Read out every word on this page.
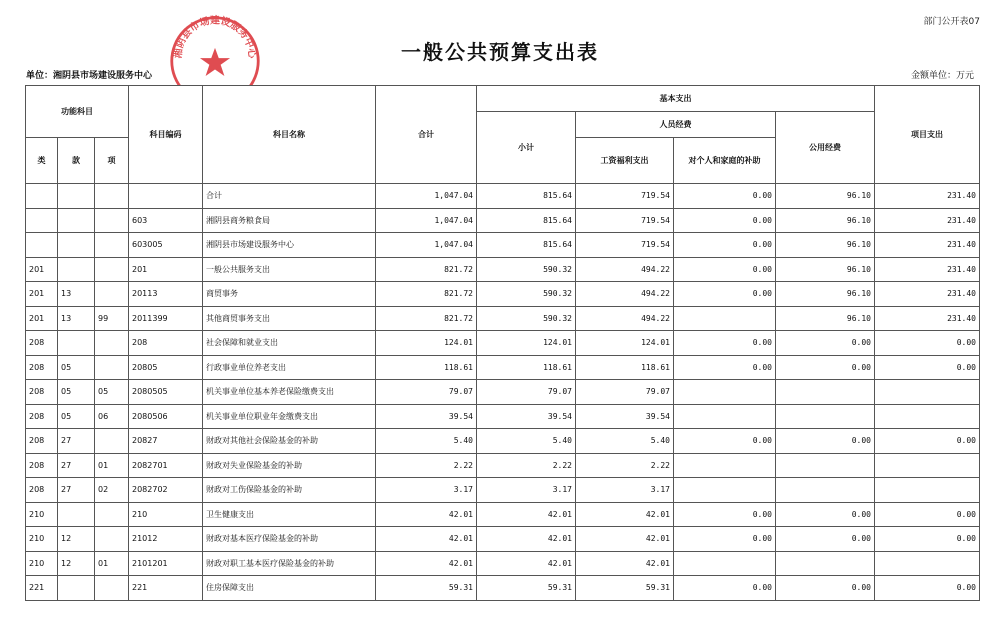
部门公开表07
一般公共预算支出表
单位：湘阴县市场建设服务中心	金额单位：万元
湘阴县市场建设服务中心
功能科目			科目编码	科目名称	合计	基本支出				项目支出
						小计	人员经费		公用经费	
类	款	项					工资福利支出	对个人和家庭的补助		
				合计	1,047.04	815.64	719.54	0.00	96.10	231.40
			603	湘阴县商务粮食局	1,047.04	815.64	719.54	0.00	96.10	231.40
			603005	湘阴县市场建设服务中心	1,047.04	815.64	719.54	0.00	96.10	231.40
201			201	一般公共服务支出	821.72	590.32	494.22	0.00	96.10	231.40
201	13		20113	商贸事务	821.72	590.32	494.22	0.00	96.10	231.40
201	13	99	2011399	其他商贸事务支出	821.72	590.32	494.22		96.10	231.40
208			208	社会保障和就业支出	124.01	124.01	124.01	0.00	0.00	0.00
208	05		20805	行政事业单位养老支出	118.61	118.61	118.61	0.00	0.00	0.00
208	05	05	2080505	机关事业单位基本养老保险缴费支出	79.07	79.07	79.07			
208	05	06	2080506	机关事业单位职业年金缴费支出	39.54	39.54	39.54			
208	27		20827	财政对其他社会保险基金的补助	5.40	5.40	5.40	0.00	0.00	0.00
208	27	01	2082701	财政对失业保险基金的补助	2.22	2.22	2.22			
208	27	02	2082702	财政对工伤保险基金的补助	3.17	3.17	3.17			
210			210	卫生健康支出	42.01	42.01	42.01	0.00	0.00	0.00
210	12		21012	财政对基本医疗保险基金的补助	42.01	42.01	42.01	0.00	0.00	0.00
210	12	01	2101201	财政对职工基本医疗保险基金的补助	42.01	42.01	42.01			
221			221	住房保障支出	59.31	59.31	59.31	0.00	0.00	0.00
